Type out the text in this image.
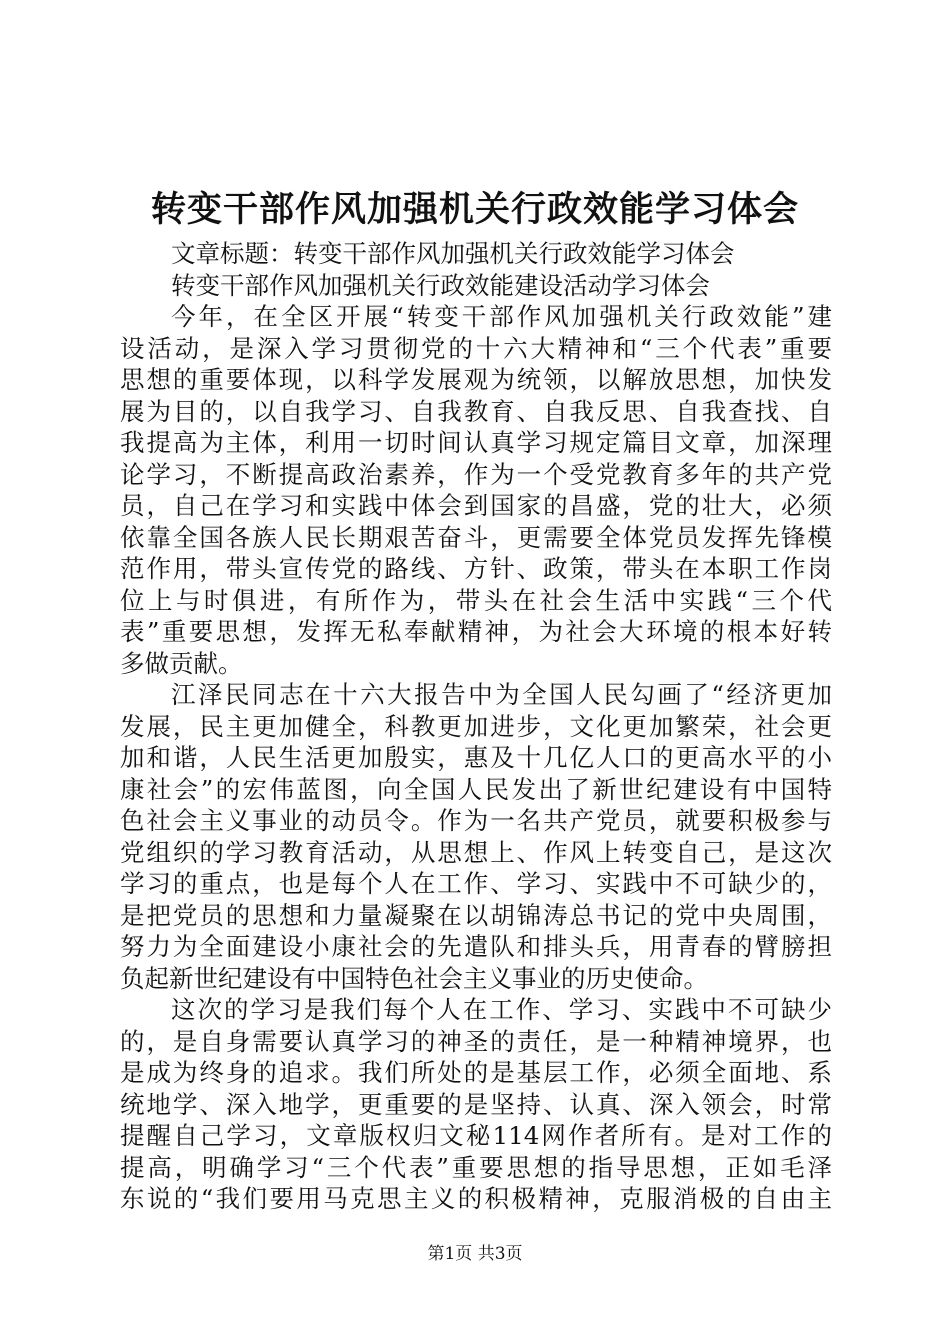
转变干部作风加强机关行政效能学习体会
文章标题：转变干部作风加强机关行政效能学习体会
转变干部作风加强机关行政效能建设活动学习体会
今年，在全区开展“转变干部作风加强机关行政效能”建
设活动，是深入学习贯彻党的十六大精神和“三个代表”重要
思想的重要体现，以科学发展观为统领，以解放思想，加快发
展为目的，以自我学习、自我教育、自我反思、自我查找、自
我提高为主体，利用一切时间认真学习规定篇目文章，加深理
论学习，不断提高政治素养，作为一个受党教育多年的共产党
员，自己在学习和实践中体会到国家的昌盛，党的壮大，必须
依靠全国各族人民长期艰苦奋斗，更需要全体党员发挥先锋模
范作用，带头宣传党的路线、方针、政策，带头在本职工作岗
位上与时俱进，有所作为，带头在社会生活中实践“三个代
表”重要思想，发挥无私奉献精神，为社会大环境的根本好转
多做贡献。
江泽民同志在十六大报告中为全国人民勾画了“经济更加
发展，民主更加健全，科教更加进步，文化更加繁荣，社会更
加和谐，人民生活更加殷实，惠及十几亿人口的更高水平的小
康社会”的宏伟蓝图，向全国人民发出了新世纪建设有中国特
色社会主义事业的动员令。作为一名共产党员，就要积极参与
党组织的学习教育活动，从思想上、作风上转变自己，是这次
学习的重点，也是每个人在工作、学习、实践中不可缺少的，
是把党员的思想和力量凝聚在以胡锦涛总书记的党中央周围，
努力为全面建设小康社会的先遣队和排头兵，用青春的臂膀担
负起新世纪建设有中国特色社会主义事业的历史使命。
这次的学习是我们每个人在工作、学习、实践中不可缺少
的，是自身需要认真学习的神圣的责任，是一种精神境界，也
是成为终身的追求。我们所处的是基层工作，必须全面地、系
统地学、深入地学，更重要的是坚持、认真、深入领会，时常
提醒自己学习，文章版权归文秘114网作者所有。是对工作的
提高，明确学习“三个代表”重要思想的指导思想，正如毛泽
东说的“我们要用马克思主义的积极精神，克服消极的自由主
第1页 共3页
